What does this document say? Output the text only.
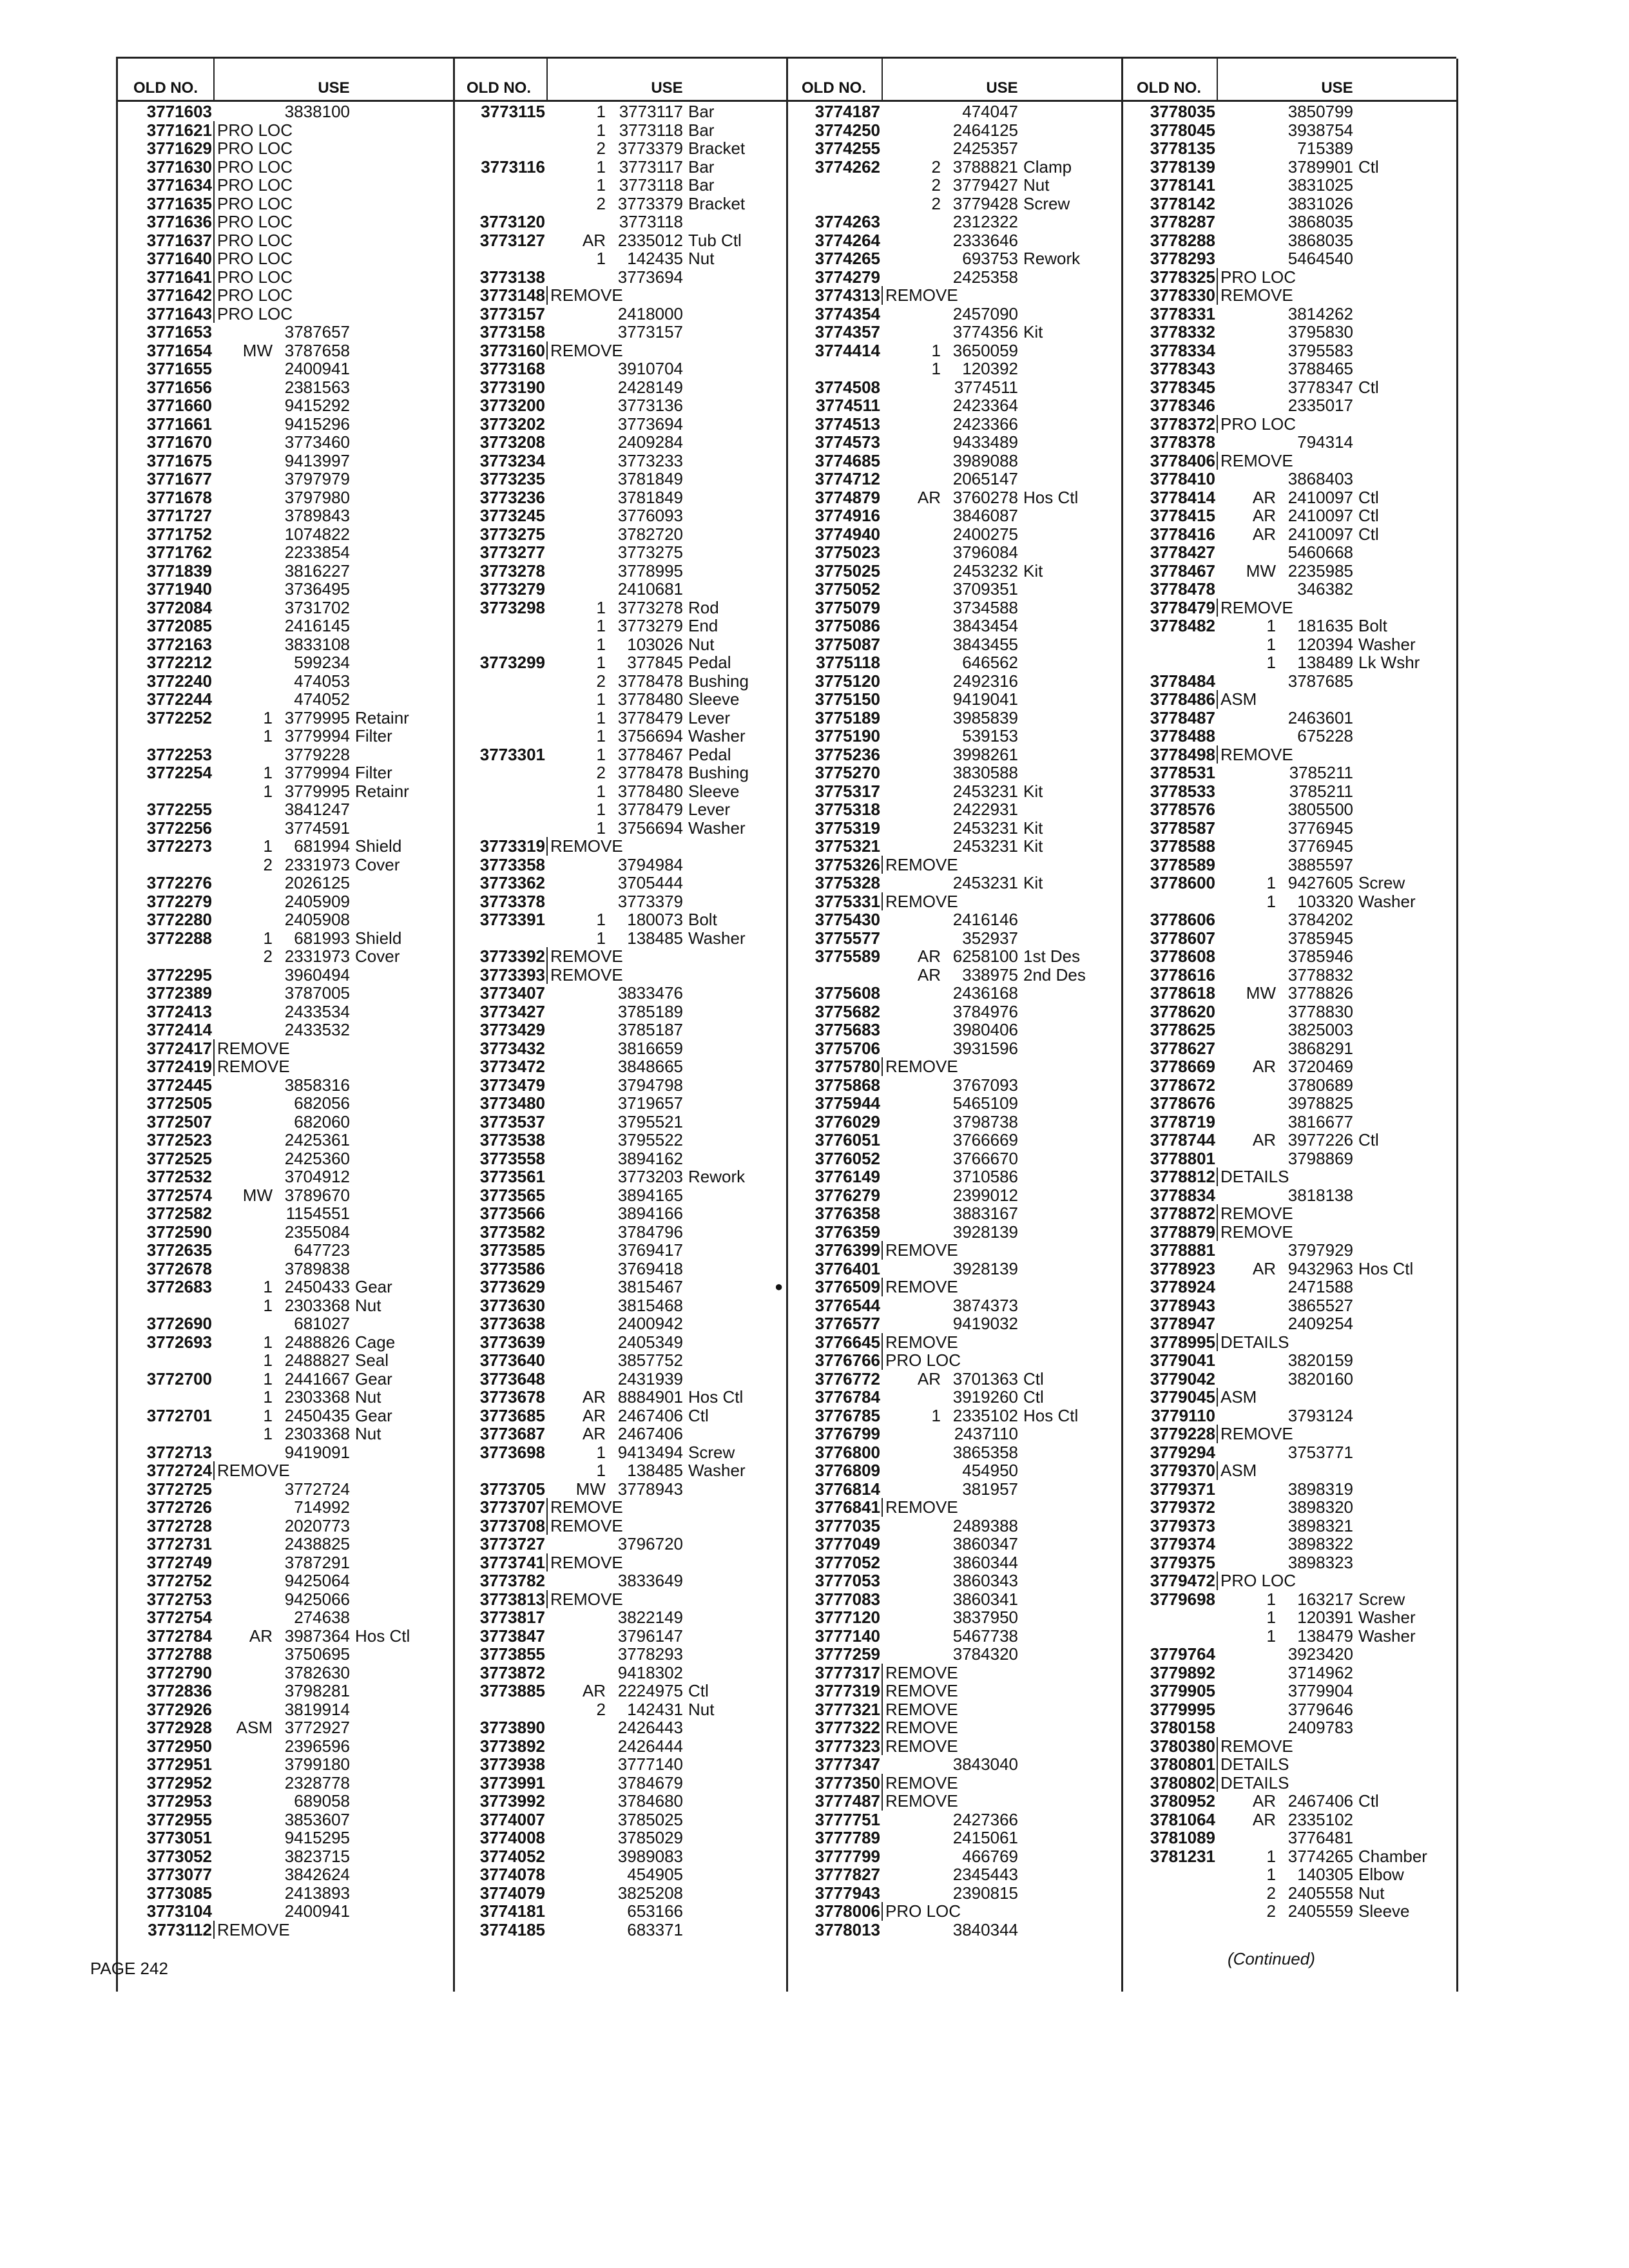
OLD NO.	USE
3771603	3838100
3771621 PRO LOC
3771629 PRO LOC
3771630 PRO LOC
3771634 PRO LOC
3771635 PRO LOC
3771636 PRO LOC
3771637 PRO LOC
3771640 PRO LOC
3771641 PRO LOC
3771642 PRO LOC
3771643 PRO LOC
3771653	3787657
3771654	MW 3787658
3771655	2400941
3771656	2381563
3771660	9415292
3771661	9415296
3771670	3773460
3771675	9413997
3771677	3797979
3771678	3797980
3771727	3789843
3771752	1074822
3771762	2233854
3771839	3816227
3771940	3736495
3772084	3731702
3772085	2416145
3772163	3833108
3772212	599234
3772240	474053
3772244	474052
3772252	1 3779995 Retainr
1 3779994 Filter
3772253	3779228
3772254	1 3779994 Filter
1 3779995 Retainr
3772255	3841247
3772256	3774591
3772273	1	681994 Shield
2 2331973 Cover
3772276	2026125
3772279	2405909
3772280	2405908
3772288	1	681993 Shield
2 2331973 Cover
3772295	3960494
3772389	3787005
3772413	2433534
3772414	2433532
3772417 REMOVE
3772419 REMOVE
3772445	3858316
3772505	682056
3772507	682060
3772523	2425361
3772525	2425360
3772532	3704912
3772574	MW 3789670
3772582	1154551
3772590	2355084
3772635	647723
3772678	3789838
3772683	1 2450433 Gear
1 2303368 Nut
3772690	681027
3772693	1 2488826 Cage
1 2488827 Seal
3772700	1 2441667 Gear
1 2303368 Nut
3772701	1 2450435 Gear
1 2303368 Nut
3772713	9419091
3772724 REMOVE
3772725	3772724
3772726	714992
3772728	2020773
3772731	2438825
3772749	3787291
3772752	9425064
3772753	9425066
3772754	274638
3772784	AR 3987364 Hos Ctl
3772788	3750695
3772790	3782630
3772836	3798281
3772926	3819914
3772928	ASM 3772927
3772950	2396596
3772951	3799180
3772952	2328778
3772953	689058
3772955	3853607
3773051	9415295
3773052	3823715
3773077	3842624
3773085	2413893
3773104	2400941
3773112 REMOVE
OLD NO.	USE
3773115	1 3773117 Bar
1 3773118 Bar
2 3773379 Bracket
3773116	1 3773117 Bar
1 3773118 Bar
2 3773379 Bracket
3773120	3773118
3773127	AR 2335012 Tub Ctl
1	142435 Nut
3773138	3773694
3773148 REMOVE
3773157	2418000
3773158	3773157
3773160 REMOVE
3773168	3910704
3773190	2428149
3773200	3773136
3773202	3773694
3773208	2409284
3773234	3773233
3773235	3781849
3773236	3781849
3773245	3776093
3773275	3782720
3773277	3773275
3773278	3778995
3773279	2410681
3773298	1 3773278 Rod
1 3773279 End
1	103026 Nut
3773299	1	377845 Pedal
2 3778478 Bushing
1 3778480 Sleeve
1 3778479 Lever
1 3756694 Washer
3773301	1 3778467 Pedal
2 3778478 Bushing
1 3778480 Sleeve
1 3778479 Lever
1 3756694 Washer
3773319 REMOVE
3773358	3794984
3773362	3705444
3773378	3773379
3773391	1	180073 Bolt
1	138485 Washer
3773392 REMOVE
3773393 REMOVE
3773407	3833476
3773427	3785189
3773429	3785187
3773432	3816659
3773472	3848665
3773479	3794798
3773480	3719657
3773537	3795521
3773538	3795522
3773558	3894162
3773561	3773203 Rework
3773565	3894165
3773566	3894166
3773582	3784796
3773585	3769417
3773586	3769418
3773629	3815467
3773630	3815468
3773638	2400942
3773639	2405349
3773640	3857752
3773648	2431939
3773678	AR 8884901 Hos Ctl
3773685	AR 2467406 Ctl
3773687	AR 2467406
3773698	1 9413494 Screw
1	138485 Washer
3773705	MW 3778943
3773707 REMOVE
3773708 REMOVE
3773727	3796720
3773741 REMOVE
3773782	3833649
3773813 REMOVE
3773817	3822149
3773847	3796147
3773855	3778293
3773872	9418302
3773885	AR 2224975 Ctl
2	142431 Nut
3773890	2426443
3773892	2426444
3773938	3777140
3773991	3784679
3773992	3784680
3774007	3785025
3774008	3785029
3774052	3989083
3774078	454905
3774079	3825208
3774181	653166
3774185	683371
OLD NO.	USE
3774187	474047
3774250	2464125
3774255	2425357
3774262	2 3788821 Clamp
2 3779427 Nut
2 3779428 Screw
3774263	2312322
3774264	2333646
3774265	693753 Rework
3774279	2425358
3774313 REMOVE
3774354	2457090
3774357	3774356 Kit
3774414	1 3650059
1	120392
3774508	3774511
3774511	2423364
3774513	2423366
3774573	9433489
3774685	3989088
3774712	2065147
3774879	AR 3760278 Hos Ctl
3774916	3846087
3774940	2400275
3775023	3796084
3775025	2453232 Kit
3775052	3709351
3775079	3734588
3775086	3843454
3775087	3843455
3775118	646562
3775120	2492316
3775150	9419041
3775189	3985839
3775190	539153
3775236	3998261
3775270	3830588
3775317	2453231 Kit
3775318	2422931
3775319	2453231 Kit
3775321	2453231 Kit
3775326 REMOVE
3775328	2453231 Kit
3775331 REMOVE
3775430	2416146
3775577	352937
3775589	AR 6258100 1st Des
AR	338975 2nd Des
3775608	2436168
3775682	3784976
3775683	3980406
3775706	3931596
3775780 REMOVE
3775868	3767093
3775944	5465109
3776029	3798738
3776051	3766669
3776052	3766670
3776149	3710586
3776279	2399012
3776358	3883167
3776359	3928139
3776399 REMOVE
3776401	3928139
●	3776509 REMOVE
3776544	3874373
3776577	9419032
3776645 REMOVE
3776766 PRO LOC
3776772	AR 3701363 Ctl
3776784	3919260 Ctl
3776785	1 2335102 Hos Ctl
3776799	2437110
3776800	3865358
3776809	454950
3776814	381957
3776841 REMOVE
3777035	2489388
3777049	3860347
3777052	3860344
3777053	3860343
3777083	3860341
3777120	3837950
3777140	5467738
3777259	3784320
3777317 REMOVE
3777319 REMOVE
3777321 REMOVE
3777322 REMOVE
3777323 REMOVE
3777347	3843040
3777350 REMOVE
3777487 REMOVE
3777751	2427366
3777789	2415061
3777799	466769
3777827	2345443
3777943	2390815
3778006 PRO LOC
3778013	3840344
OLD NO.	USE
3778035	3850799
3778045	3938754
3778135	715389
3778139	3789901 Ctl
3778141	3831025
3778142	3831026
3778287	3868035
3778288	3868035
3778293	5464540
3778325 PRO LOC
3778330 REMOVE
3778331	3814262
3778332	3795830
3778334	3795583
3778343	3788465
3778345	3778347 Ctl
3778346	2335017
3778372 PRO LOC
3778378	794314
3778406 REMOVE
3778410	3868403
3778414	AR 2410097 Ctl
3778415	AR 2410097 Ctl
3778416	AR 2410097 Ctl
3778427	5460668
3778467	MW 2235985
3778478	346382
3778479 REMOVE
3778482	1	181635 Bolt
1	120394 Washer
1	138489 Lk Wshr
3778484	3787685
3778486 ASM
3778487	2463601
3778488	675228
3778498 REMOVE
3778531	3785211
3778533	3785211
3778576	3805500
3778587	3776945
3778588	3776945
3778589	3885597
3778600	1 9427605 Screw
1	103320 Washer
3778606	3784202
3778607	3785945
3778608	3785946
3778616	3778832
3778618	MW 3778826
3778620	3778830
3778625	3825003
3778627	3868291
3778669	AR 3720469
3778672	3780689
3778676	3978825
3778719	3816677
3778744	AR 3977226 Ctl
3778801	3798869
3778812 DETAILS
3778834	3818138
3778872 REMOVE
3778879 REMOVE
3778881	3797929
3778923	AR 9432963 Hos Ctl
3778924	2471588
3778943	3865527
3778947	2409254
3778995 DETAILS
3779041	3820159
3779042	3820160
3779045 ASM
3779110	3793124
3779228 REMOVE
3779294	3753771
3779370 ASM
3779371	3898319
3779372	3898320
3779373	3898321
3779374	3898322
3779375	3898323
3779472 PRO LOC
3779698	1	163217 Screw
1	120391 Washer
1	138479 Washer
3779764	3923420
3779892	3714962
3779905	3779904
3779995	3779646
3780158	2409783
3780380 REMOVE
3780801 DETAILS
3780802 DETAILS
3780952	AR 2467406 Ctl
3781064	AR 2335102
3781089	3776481
3781231	1 3774265 Chamber
1	140305 Elbow
2 2405558 Nut
2 2405559 Sleeve
(Continued)
PAGE 242
